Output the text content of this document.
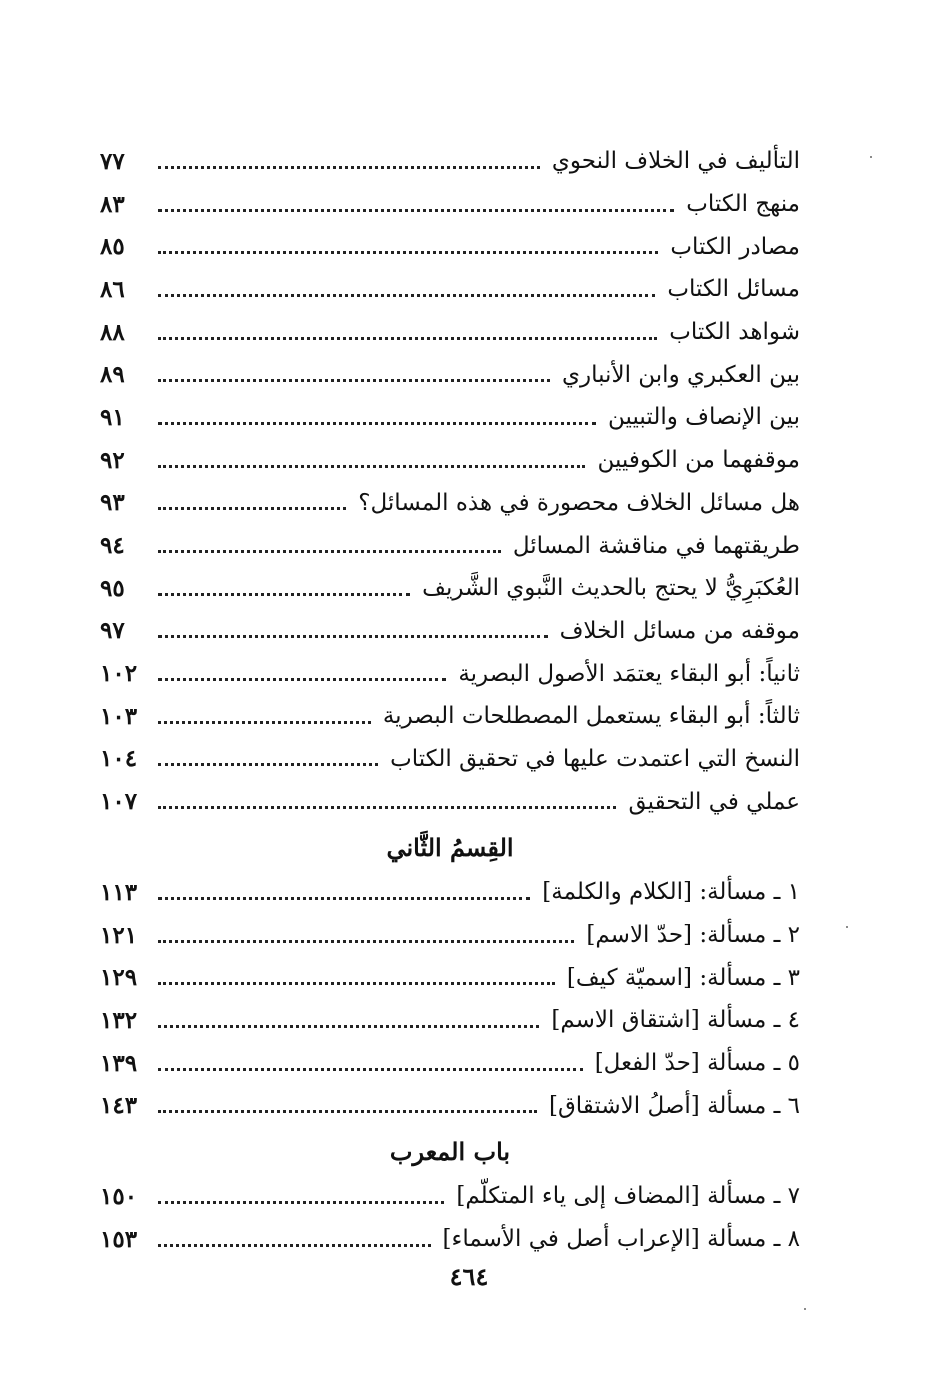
التأليف في الخلاف النحوي
٧٧
منهج الكتاب
٨٣
مصادر الكتاب
٨٥
مسائل الكتاب
٨٦
شواهد الكتاب
٨٨
بين العكبري وابن الأنباري
٨٩
بين الإنصاف والتبيين
٩١
موقفهما من الكوفيين
٩٢
هل مسائل الخلاف محصورة في هذه المسائل؟
٩٣
طريقتهما في مناقشة المسائل
٩٤
العُكبَرِيُّ لا يحتج بالحديث النَّبوي الشَّريف
٩٥
موقفه من مسائل الخلاف
٩٧
ثانياً: أبو البقاء يعتمَد الأصول البصرية
١٠٢
ثالثاً: أبو البقاء يستعمل المصطلحات البصرية
١٠٣
النسخ التي اعتمدت عليها في تحقيق الكتاب
١٠٤
عملي في التحقيق
١٠٧
القِسمُ الثَّاني
١ ـ مسألة: [الكلام والكلمة]
١١٣
٢ ـ مسألة: [حدّ الاسم]
١٢١
٣ ـ مسألة: [اسميّة كيف]
١٢٩
٤ ـ مسألة [اشتقاق الاسم]
١٣٢
٥ ـ مسألة [حدّ الفعل]
١٣٩
٦ ـ مسألة [أصلُ الاشتقاق]
١٤٣
باب المعرب
٧ ـ مسألة [المضاف إلى ياء المتكلّم]
١٥٠
٨ ـ مسألة [الإعراب أصل في الأسماء]
١٥٣
٤٦٤
